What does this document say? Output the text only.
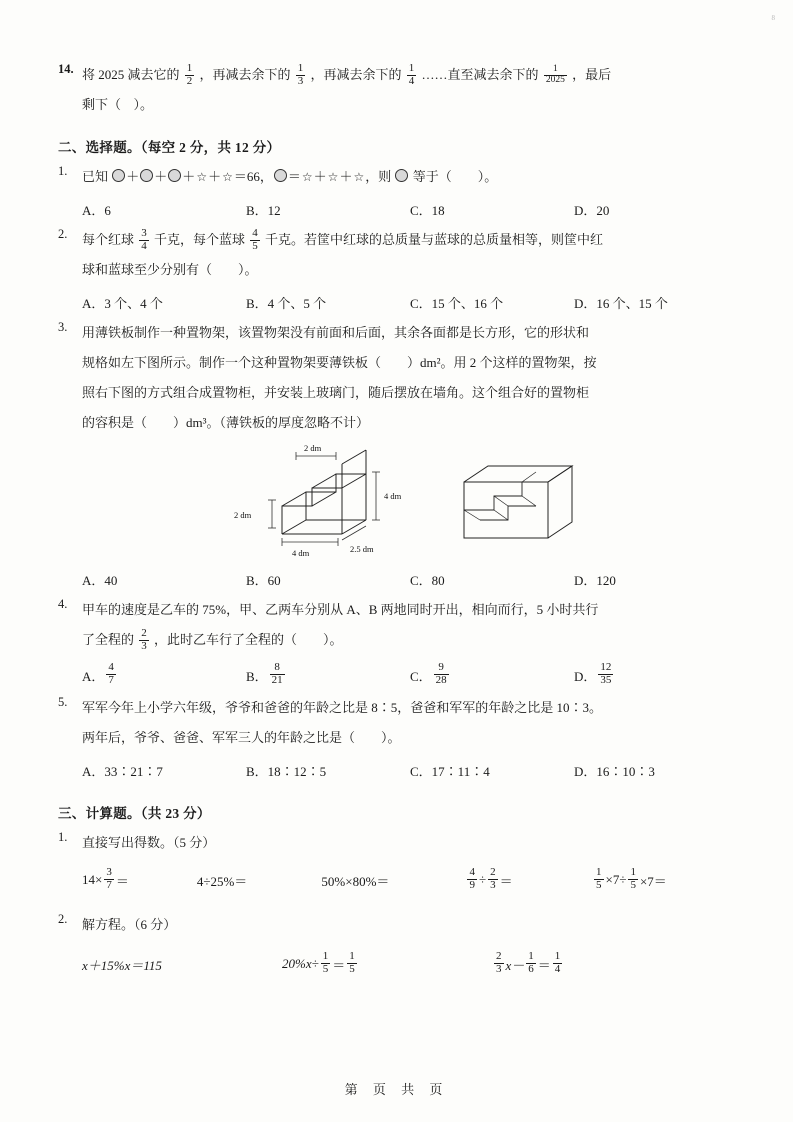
8
14. 将 2025 减去它的 $\frac{1}{2}$ ，再减去余下的 $\frac{1}{3}$ ，再减去余下的 $\frac{1}{4}$ ……直至减去余下的 $\frac{1}{2025}$ ，最后
剩下（ ）。
二、选择题。（每空 2 分，共 12 分）
1.	已知 ＋ ＋ ＋☆＋☆＝66， ＝☆＋☆＋☆，则  等于（　　）。
A．6	B．12	C．18	D．20
2.	每个红球 $\frac{3}{4}$ 千克，每个蓝球 $\frac{4}{5}$ 千克。若筐中红球的总质量与蓝球的总质量相等，则筐中红
球和蓝球至少分别有（　　）。
A．3 个、4 个	B．4 个、5 个	C．15 个、16 个	D．16 个、15 个
3.	用薄铁板制作一种置物架，该置物架没有前面和后面，其余各面都是长方形，它的形状和
规格如左下图所示。制作一个这种置物架要薄铁板（　　）dm²。用 2 个这样的置物架，按
照右下图的方式组合成置物柜，并安装上玻璃门，随后摆放在墙角。这个组合好的置物柜
的容积是（　　）dm³。（薄铁板的厚度忽略不计）
2 dm
4 dm
2 dm
4 dm	2.5 dm
A．40	B．60	C．80	D．120
4.	甲车的速度是乙车的 75%，甲、乙两车分别从 A、B 两地同时开出，相向而行，5 小时共行
了全程的 $\frac{2}{3}$ ，此时乙车行了全程的（　　）。
A． $\frac{4}{7}$	B． $\frac{8}{21}$	C． $\frac{9}{28}$	D． $\frac{12}{35}$
5.	军军今年上小学六年级，爷爷和爸爸的年龄之比是 8∶5，爸爸和军军的年龄之比是 10∶3。
两年后，爷爷、爸爸、军军三人的年龄之比是（　　）。
A．33∶21∶7	B．18∶12∶5	C．17∶11∶4	D．16∶10∶3
三、计算题。（共 23 分）
1.	直接写出得数。（5 分）
$14\times \frac{3}{7}$ ＝	4÷25%＝	50%×80%＝	$\frac{4}{9} \div \frac{2}{3}$ ＝	$\frac{1}{5} \times 7\div \frac{1}{5} \times 7=$
2.	解方程。（6 分）
x＋15%x＝115	$20\%x\div \frac{1}{5} = \frac{1}{5}$	$\frac{2}{3} x- \frac{1}{6} = \frac{1}{4}$
第 页 共 页
